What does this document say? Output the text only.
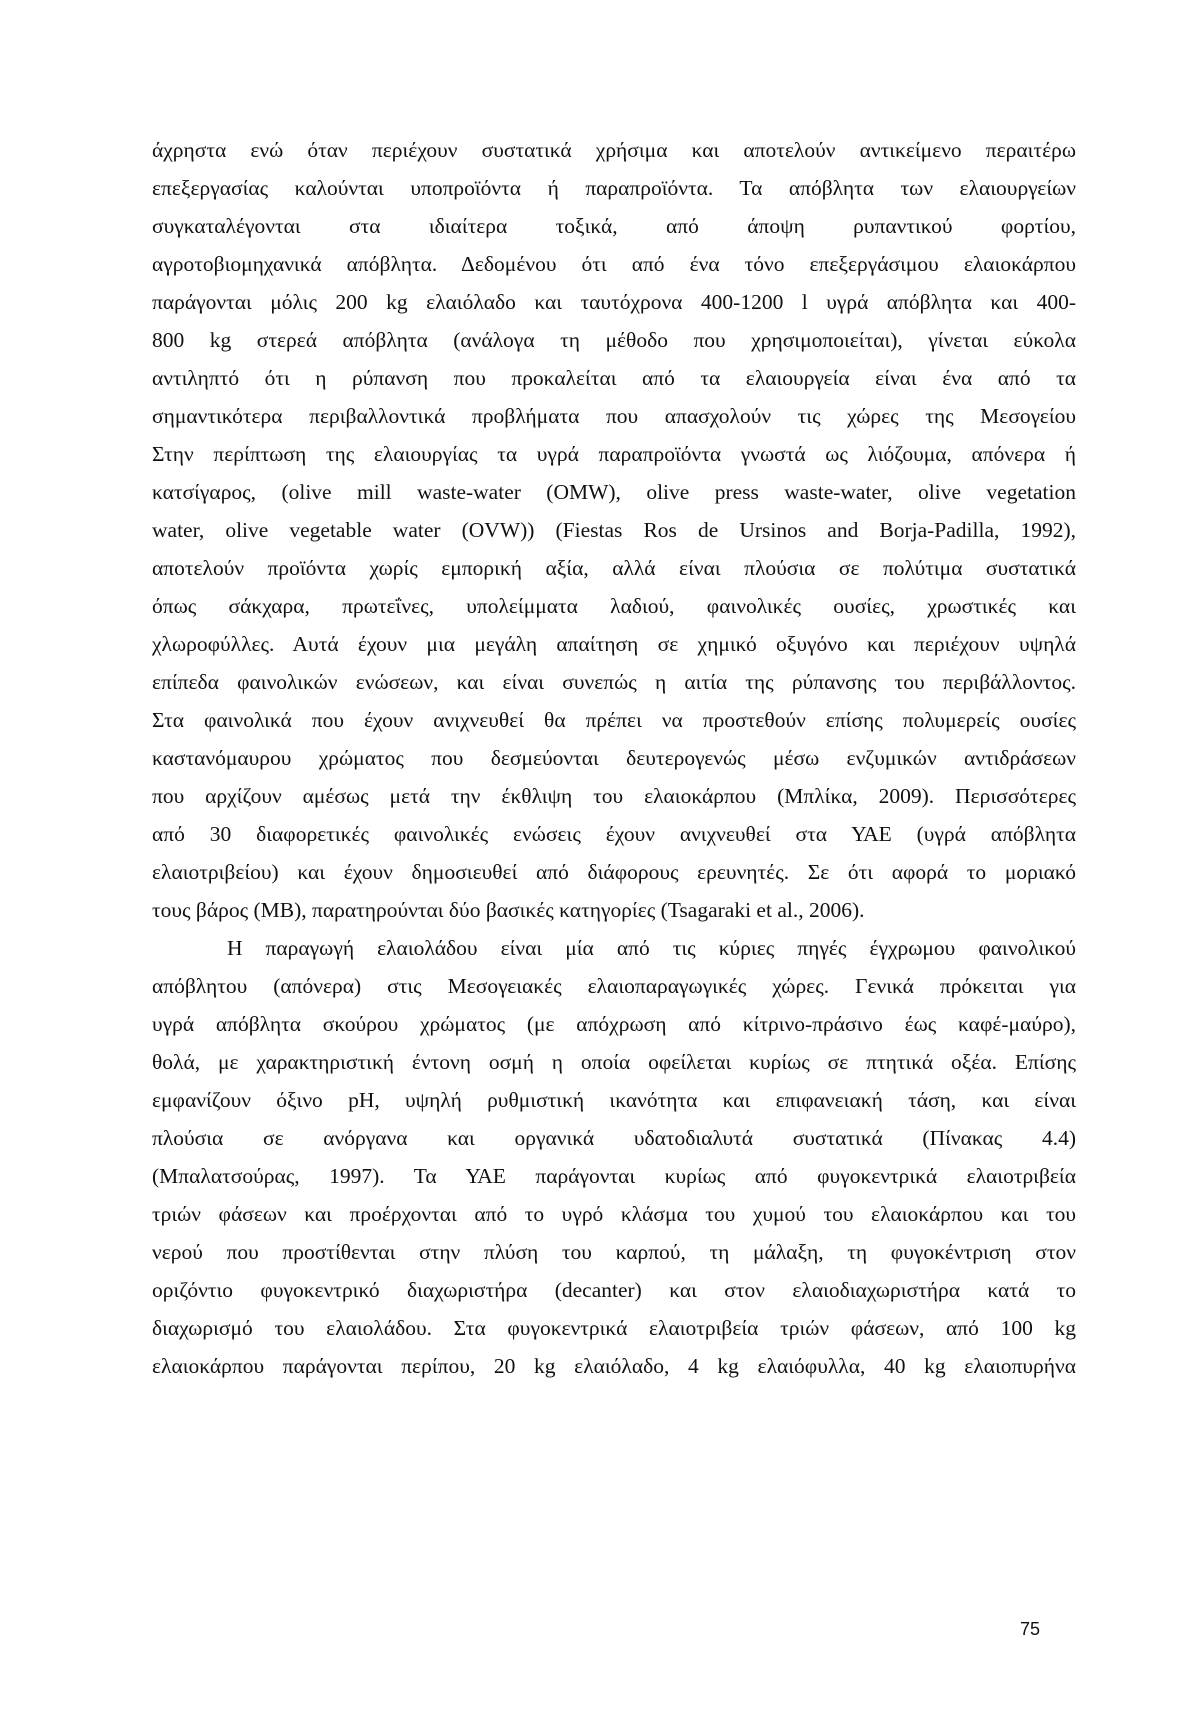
άχρηστα ενώ όταν περιέχουν συστατικά χρήσιμα και αποτελούν αντικείμενο περαιτέρω
επεξεργασίας καλούνται υποπροϊόντα ή παραπροϊόντα. Τα απόβλητα των ελαιουργείων
συγκαταλέγονται στα ιδιαίτερα τοξικά, από άποψη ρυπαντικού φορτίου,
αγροτοβιομηχανικά απόβλητα. Δεδομένου ότι από ένα τόνο επεξεργάσιμου ελαιοκάρπου
παράγονται μόλις 200 kg ελαιόλαδο και ταυτόχρονα 400-1200 l υγρά απόβλητα και 400-
800 kg στερεά απόβλητα (ανάλογα τη μέθοδο που χρησιμοποιείται), γίνεται εύκολα
αντιληπτό ότι η ρύπανση που προκαλείται από τα ελαιουργεία είναι ένα από τα
σημαντικότερα περιβαλλοντικά προβλήματα που απασχολούν τις χώρες της Μεσογείου
Στην περίπτωση της ελαιουργίας τα υγρά παραπροϊόντα γνωστά ως λιόζουμα, απόνερα ή
κατσίγαρος, (olive mill waste-water (OMW), olive press waste-water, olive vegetation
water, olive vegetable water (OVW)) (Fiestas Ros de Ursinos and Borja-Padilla, 1992),
αποτελούν προϊόντα χωρίς εμπορική αξία, αλλά είναι πλούσια σε πολύτιμα συστατικά
όπως σάκχαρα, πρωτεΐνες, υπολείμματα λαδιού, φαινολικές ουσίες, χρωστικές και
χλωροφύλλες. Αυτά έχουν μια μεγάλη απαίτηση σε χημικό οξυγόνο και περιέχουν υψηλά
επίπεδα φαινολικών ενώσεων, και είναι συνεπώς η αιτία της ρύπανσης του περιβάλλοντος.
Στα φαινολικά που έχουν ανιχνευθεί θα πρέπει να προστεθούν επίσης πολυμερείς ουσίες
καστανόμαυρου χρώματος που δεσμεύονται δευτερογενώς μέσω ενζυμικών αντιδράσεων
που αρχίζουν αμέσως μετά την έκθλιψη του ελαιοκάρπου (Μπλίκα, 2009). Περισσότερες
από 30 διαφορετικές φαινολικές ενώσεις έχουν ανιχνευθεί στα ΥΑΕ (υγρά απόβλητα
ελαιοτριβείου) και έχουν δημοσιευθεί από διάφορους ερευνητές. Σε ότι αφορά το μοριακό
τους βάρος (ΜΒ), παρατηρούνται δύο βασικές κατηγορίες (Tsagaraki et al., 2006).
Η παραγωγή ελαιολάδου είναι μία από τις κύριες πηγές έγχρωμου φαινολικού
απόβλητου (απόνερα) στις Μεσογειακές ελαιοπαραγωγικές χώρες. Γενικά πρόκειται για
υγρά απόβλητα σκούρου χρώματος (με απόχρωση από κίτρινο-πράσινο έως καφέ-μαύρο),
θολά, με χαρακτηριστική έντονη οσμή η οποία οφείλεται κυρίως σε πτητικά οξέα. Επίσης
εμφανίζουν όξινο pH, υψηλή ρυθμιστική ικανότητα και επιφανειακή τάση, και είναι
πλούσια σε ανόργανα και οργανικά υδατοδιαλυτά συστατικά (Πίνακας 4.4)
(Μπαλατσούρας, 1997). Τα ΥΑΕ παράγονται κυρίως από φυγοκεντρικά ελαιοτριβεία
τριών φάσεων και προέρχονται από το υγρό κλάσμα του χυμού του ελαιοκάρπου και του
νερού που προστίθενται στην πλύση του καρπού, τη μάλαξη, τη φυγοκέντριση στον
οριζόντιο φυγοκεντρικό διαχωριστήρα (decanter) και στον ελαιοδιαχωριστήρα κατά το
διαχωρισμό του ελαιολάδου. Στα φυγοκεντρικά ελαιοτριβεία τριών φάσεων, από 100 kg
ελαιοκάρπου παράγονται περίπου, 20 kg ελαιόλαδο, 4 kg ελαιόφυλλα, 40 kg ελαιοπυρήνα
75
